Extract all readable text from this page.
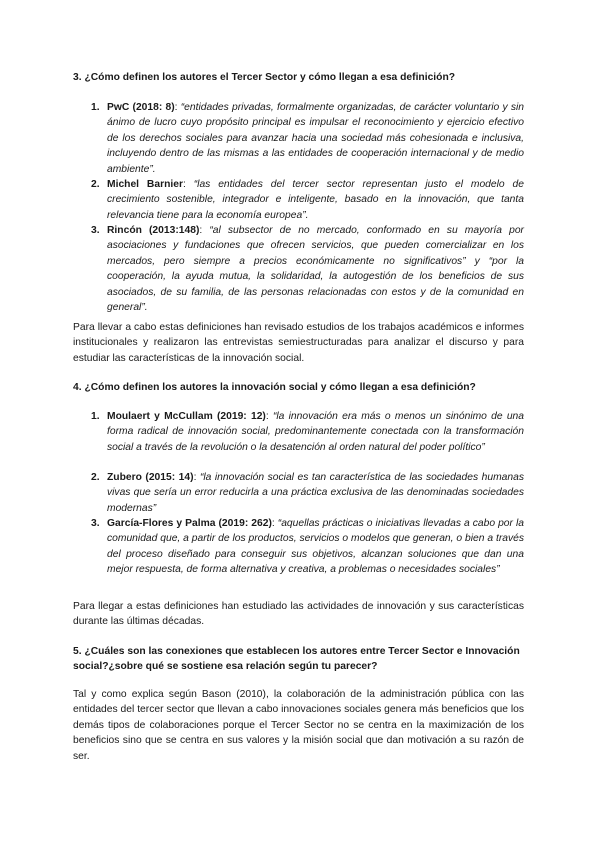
3. ¿Cómo definen los autores el Tercer Sector y cómo llegan a esa definición?

1. PwC (2018: 8): “entidades privadas, formalmente organizadas, de carácter voluntario y sin ánimo de lucro cuyo propósito principal es impulsar el reconocimiento y ejercicio efectivo de los derechos sociales para avanzar hacia una sociedad más cohesionada e inclusiva, incluyendo dentro de las mismas a las entidades de cooperación internacional y de medio ambiente”.
2. Michel Barnier: “las entidades del tercer sector representan justo el modelo de crecimiento sostenible, integrador e inteligente, basado en la innovación, que tanta relevancia tiene para la economía europea”.
3. Rincón (2013:148): “al subsector de no mercado, conformado en su mayoría por asociaciones y fundaciones que ofrecen servicios, que pueden comercializar en los mercados, pero siempre a precios económicamente no significativos” y “por la cooperación, la ayuda mutua, la solidaridad, la autogestión de los beneficios de sus asociados, de su familia, de las personas relacionadas con estos y de la comunidad en general”.

Para llevar a cabo estas definiciones han revisado estudios de los trabajos académicos e informes institucionales y realizaron las entrevistas semiestructuradas para analizar el discurso y para estudiar las características de la innovación social.

4. ¿Cómo definen los autores la innovación social y cómo llegan a esa definición?

1. Moulaert y McCullam (2019: 12): “la innovación era más o menos un sinónimo de una forma radical de innovación social, predominantemente conectada con la transformación social a través de la revolución o la desatención al orden natural del poder político”
2. Zubero (2015: 14): “la innovación social es tan característica de las sociedades humanas vivas que sería un error reducirla a una práctica exclusiva de las denominadas sociedades modernas”
3. García-Flores y Palma (2019: 262): “aquellas prácticas o iniciativas llevadas a cabo por la comunidad que, a partir de los productos, servicios o modelos que generan, o bien a través del proceso diseñado para conseguir sus objetivos, alcanzan soluciones que dan una mejor respuesta, de forma alternativa y creativa, a problemas o necesidades sociales”

Para llegar a estas definiciones han estudiado las actividades de innovación y sus características durante las últimas décadas.

5. ¿Cuáles son las conexiones que establecen los autores entre Tercer Sector e Innovación social?¿sobre qué se sostiene esa relación según tu parecer?

Tal y como explica según Bason (2010), la colaboración de la administración pública con las entidades del tercer sector que llevan a cabo innovaciones sociales genera más beneficios que los demás tipos de colaboraciones porque el Tercer Sector no se centra en la maximización de los beneficios sino que se centra en sus valores y la misión social que dan motivación a su razón de ser.
